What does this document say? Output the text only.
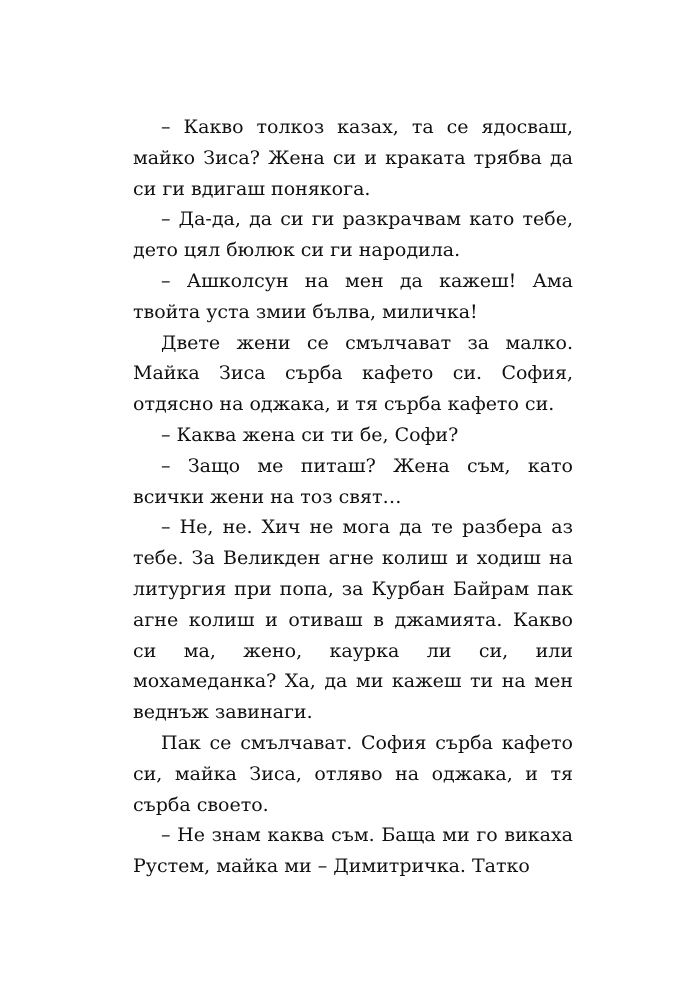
– Какво толкоз казах, та се ядосваш, майко Зиса? Жена си и краката трябва да си ги вдигаш понякога.

– Да-да, да си ги разкрачвам като тебе, дето цял бюлюк си ги народила.

– Ашколсун на мен да кажеш! Ама твойта уста змии бълва, миличка!

Двете жени се смълчават за малко. Майка Зиса сърба кафето си. София, отдясно на оджака, и тя сърба кафето си.

– Каква жена си ти бе, Софи?

– Защо ме питаш? Жена съм, като всички жени на тоз свят…

– Не, не. Хич не мога да те разбера аз тебе. За Великден агне колиш и ходиш на литургия при попа, за Курбан Байрам пак агне колиш и отиваш в джамията. Какво си ма, жено, каурка ли си, или мохамеданка? Ха, да ми кажеш ти на мен веднъж завинаги.

Пак се смълчават. София сърба кафето си, майка Зиса, отляво на оджака, и тя сърба своето.

– Не знам каква съм. Баща ми го викаха Рустем, майка ми – Димитричка. Татко
